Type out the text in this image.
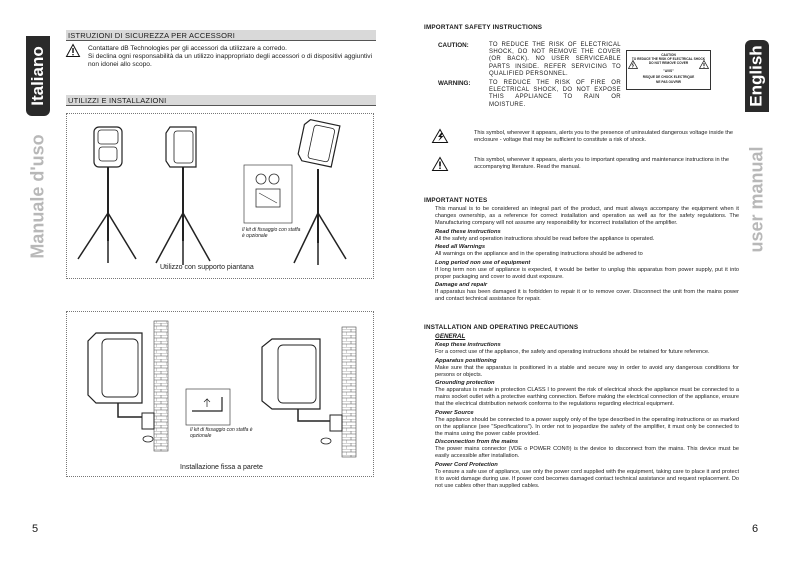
Italiano
Manuale d'uso
ISTRUZIONI DI SICUREZZA PER ACCESSORI
Contattare dB Technologies per gli accessori da utilizzare a corredo.
Si declina ogni responsabilità da un utilizzo inappropriato degli accessori o di dispositivi aggiuntivi non idonei allo scopo.
UTILIZZI E INSTALLAZIONI
Il kit di fissaggio con staffa è opzionale
Utilizzo con supporto piantana
Il kit di fissaggio con staffa è opzionale
Installazione fissa a parete
5
English
user manual
IMPORTANT SAFETY INSTRUCTIONS
CAUTION:	TO REDUCE THE RISK OF ELECTRICAL SHOCK, DO NOT REMOVE THE COVER (OR BACK). NO USER SERVICEABLE PARTS INSIDE. REFER SERVICING TO QUALIFIED PERSONNEL.
WARNING:	TO REDUCE THE RISK OF FIRE OR ELECTRICAL SHOCK, DO NOT EXPOSE THIS APPLIANCE TO RAIN OR MOISTURE.
CAUTION
TO REDUCE THE RISK OF ELECTRICAL SHOCK
DO NOT REMOVE COVER
"AVIS"
RISQUE DE CHOCK ELECTRIQUE
NE PAS OUVRIR
This symbol, wherever it appears, alerts you to the presence of uninsulated dangerous voltage inside the enclosure - voltage that may be sufficient to constitute a risk of shock.
This symbol, wherever it appears, alerts you to important operating and maintenance instructions in the accompanying literature. Read the manual.
IMPORTANT NOTES

This manual is to be considered an integral part of the product, and must always accompany the equipment when it changes ownership, as a reference for correct installation and operation as well as for the safety regulations. The Manufacturing company will not assume any responsibility for incorrect installation of the amplifier.

Read these instructions

All the safety and operation instructions should be read before the appliance is operated.

Heed all Warnings

All warnings on the appliance and in the operating instructions should be adhered to

Long period non use of equipment

If long term non use of appliance is expected, it would be better to unplug this apparatus from power supply, put it into proper packaging and cover to avoid dust exposure.

Damage and repair

If apparatus has been damaged it is forbidden to repair it or to remove cover. Disconnect the unit from the mains power and contact technical assistance for repair.

INSTALLATION AND OPERATING PRECAUTIONS
GENERAL
Keep these instructions

For a correct use of the appliance, the safety and operating instructions should be retained for future reference.

Apparatus positioning

Make sure that the apparatus is positioned in a stable and secure way in order to avoid any dangerous conditions for persons or objects.

Grounding protection

The apparatus is made in protection CLASS I to prevent the risk of electrical shock the appliance must be connected to a mains socket outlet with a protective earthing connection. Before making the electrical connection of the appliance, ensure that the electrical distribution network conforms to the regulations regarding electrical equipment.

Power Source

The appliance should be connected to a power supply only of the type described in the operating instructions or as marked on the appliance (see "Specifications"). In order not to jeopardize the safety of the amplifier, it must only be connected to the mains using the power cable provided.

Disconnection from the mains

The power mains connector (VDE o POWER CON®) is the device to disconnect from the mains. This device must be easily accessible after installation.

Power Cord Protection

To ensure a safe use of appliance, use only the power cord supplied with the equipment, taking care to place it and protect it to avoid damage during use. If power cord becomes damaged contact technical assistance and request replacement. Do not use cables other than supplied cables.

6
